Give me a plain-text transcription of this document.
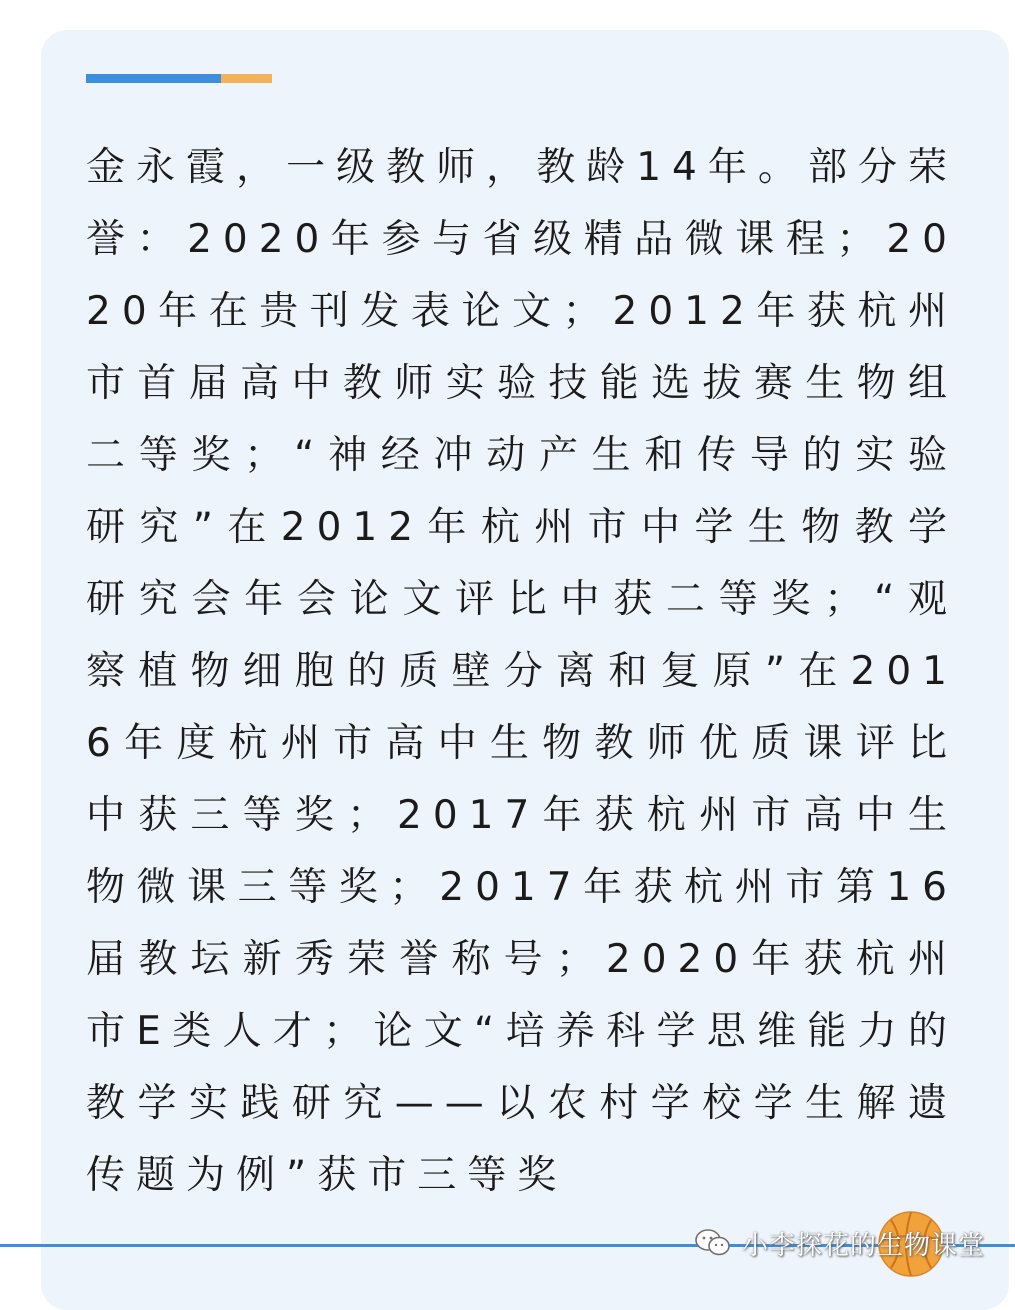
金永霞，一级教师，教龄14年。部分荣誉：2020年参与省级精品微课程；2020年在贵刊发表论文；2012年获杭州市首届高中教师实验技能选拔赛生物组二等奖；“神经冲动产生和传导的实验研究”在2012年杭州市中学生物教学研究会年会论文评比中获二等奖；“观察植物细胞的质壁分离和复原”在2016年度杭州市高中生物教师优质课评比中获三等奖；2017年获杭州市高中生物微课三等奖；2017年获杭州市第16届教坛新秀荣誉称号；2020年获杭州市E类人才；论文“培养科学思维能力的教学实践研究——以农村学校学生解遗传题为例”获市三等奖

小李探花的生物课堂
